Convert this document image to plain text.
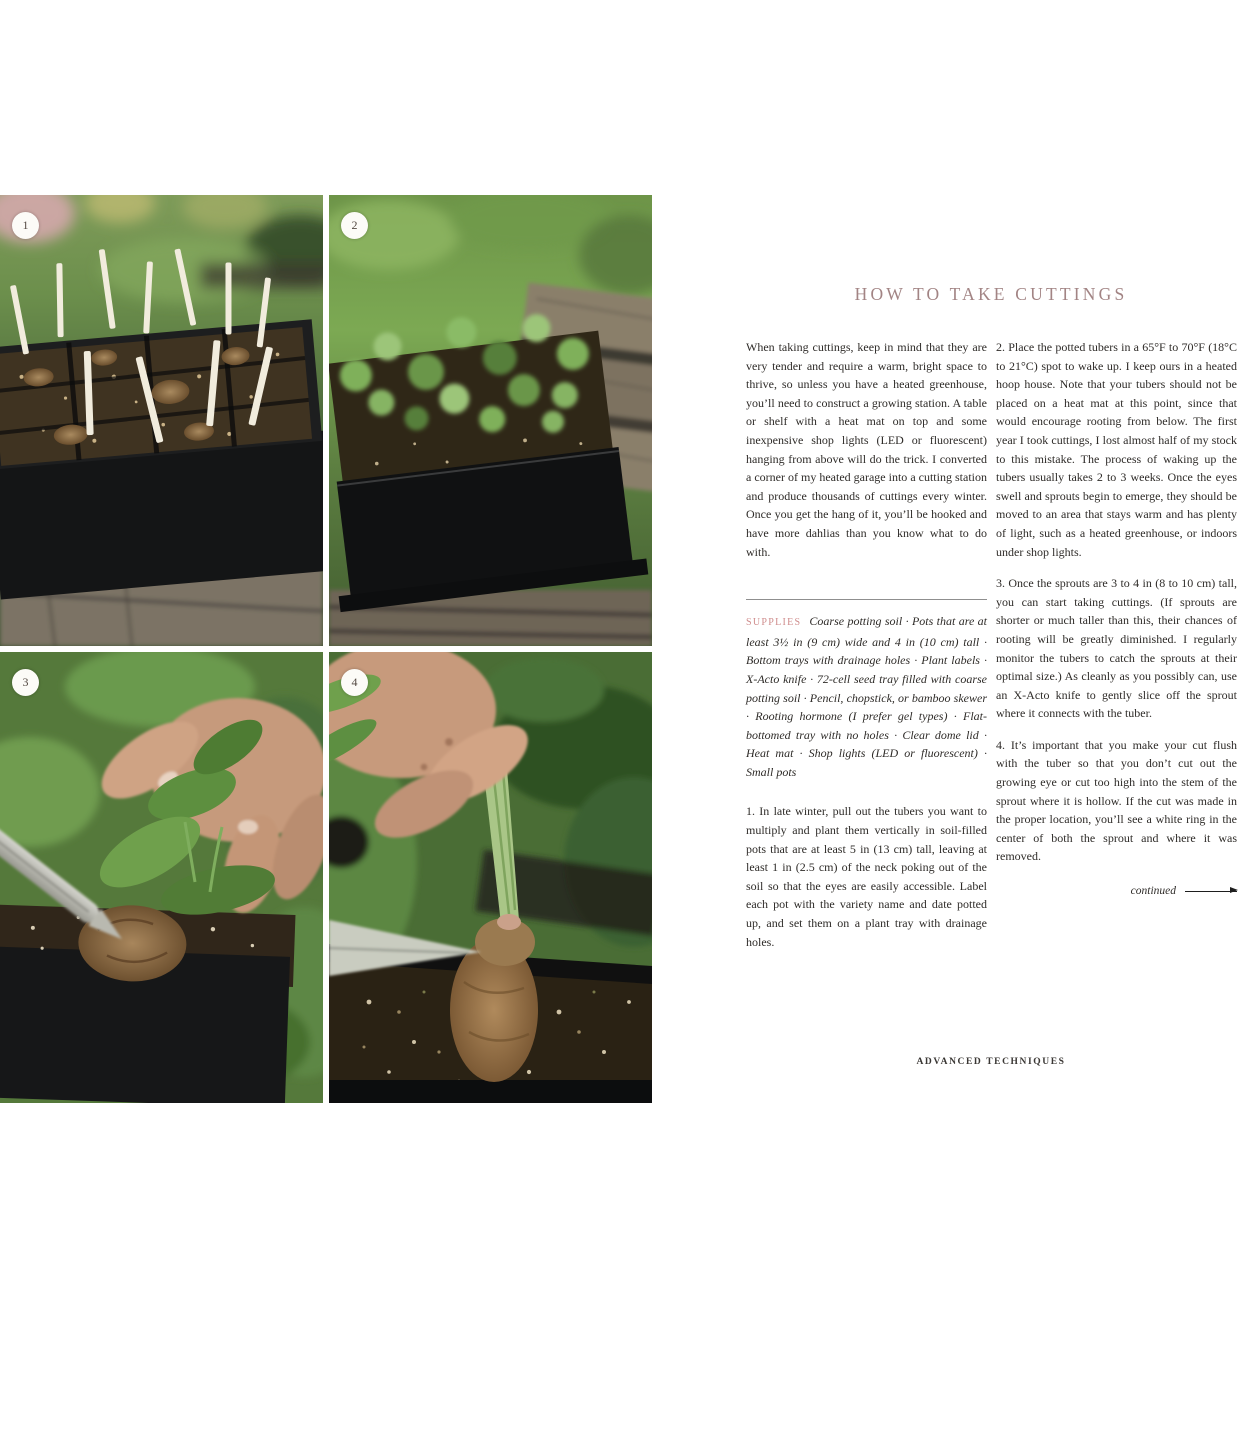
1	2
3	4
HOW TO TAKE CUTTINGS

When taking cuttings, keep in mind that they are very tender and require a warm, bright space to thrive, so unless you have a heated greenhouse, you’ll need to construct a growing station. A table or shelf with a heat mat on top and some inexpensive shop lights (LED or fluorescent) hanging from above will do the trick. I converted a corner of my heated garage into a cutting station and produce thousands of cuttings every winter. Once you get the hang of it, you’ll be hooked and have more dahlias than you know what to do with.

SUPPLIES Coarse potting soil · Pots that are at least 3½ in (9 cm) wide and 4 in (10 cm) tall · Bottom trays with drainage holes · Plant labels · X-Acto knife · 72-cell seed tray filled with coarse potting soil · Pencil, chopstick, or bamboo skewer · Rooting hormone (I prefer gel types) · Flat-bottomed tray with no holes · Clear dome lid · Heat mat · Shop lights (LED or fluorescent) · Small pots

1. In late winter, pull out the tubers you want to multiply and plant them vertically in soil-filled pots that are at least 5 in (13 cm) tall, leaving at least 1 in (2.5 cm) of the neck poking out of the soil so that the eyes are easily accessible. Label each pot with the variety name and date potted up, and set them on a plant tray with drainage holes.

2. Place the potted tubers in a 65°F to 70°F (18°C to 21°C) spot to wake up. I keep ours in a heated hoop house. Note that your tubers should not be placed on a heat mat at this point, since that would encourage rooting from below. The first year I took cuttings, I lost almost half of my stock to this mistake. The process of waking up the tubers usually takes 2 to 3 weeks. Once the eyes swell and sprouts begin to emerge, they should be moved to an area that stays warm and has plenty of light, such as a heated greenhouse, or indoors under shop lights.

3. Once the sprouts are 3 to 4 in (8 to 10 cm) tall, you can start taking cuttings. (If sprouts are shorter or much taller than this, their chances of rooting will be greatly diminished. I regularly monitor the tubers to catch the sprouts at their optimal size.) As cleanly as you possibly can, use an X-Acto knife to gently slice off the sprout where it connects with the tuber.

4. It’s important that you make your cut flush with the tuber so that you don’t cut out the growing eye or cut too high into the stem of the sprout where it is hollow. If the cut was made in the proper location, you’ll see a white ring in the center of both the sprout and where it was removed.

continued
ADVANCED TECHNIQUES
